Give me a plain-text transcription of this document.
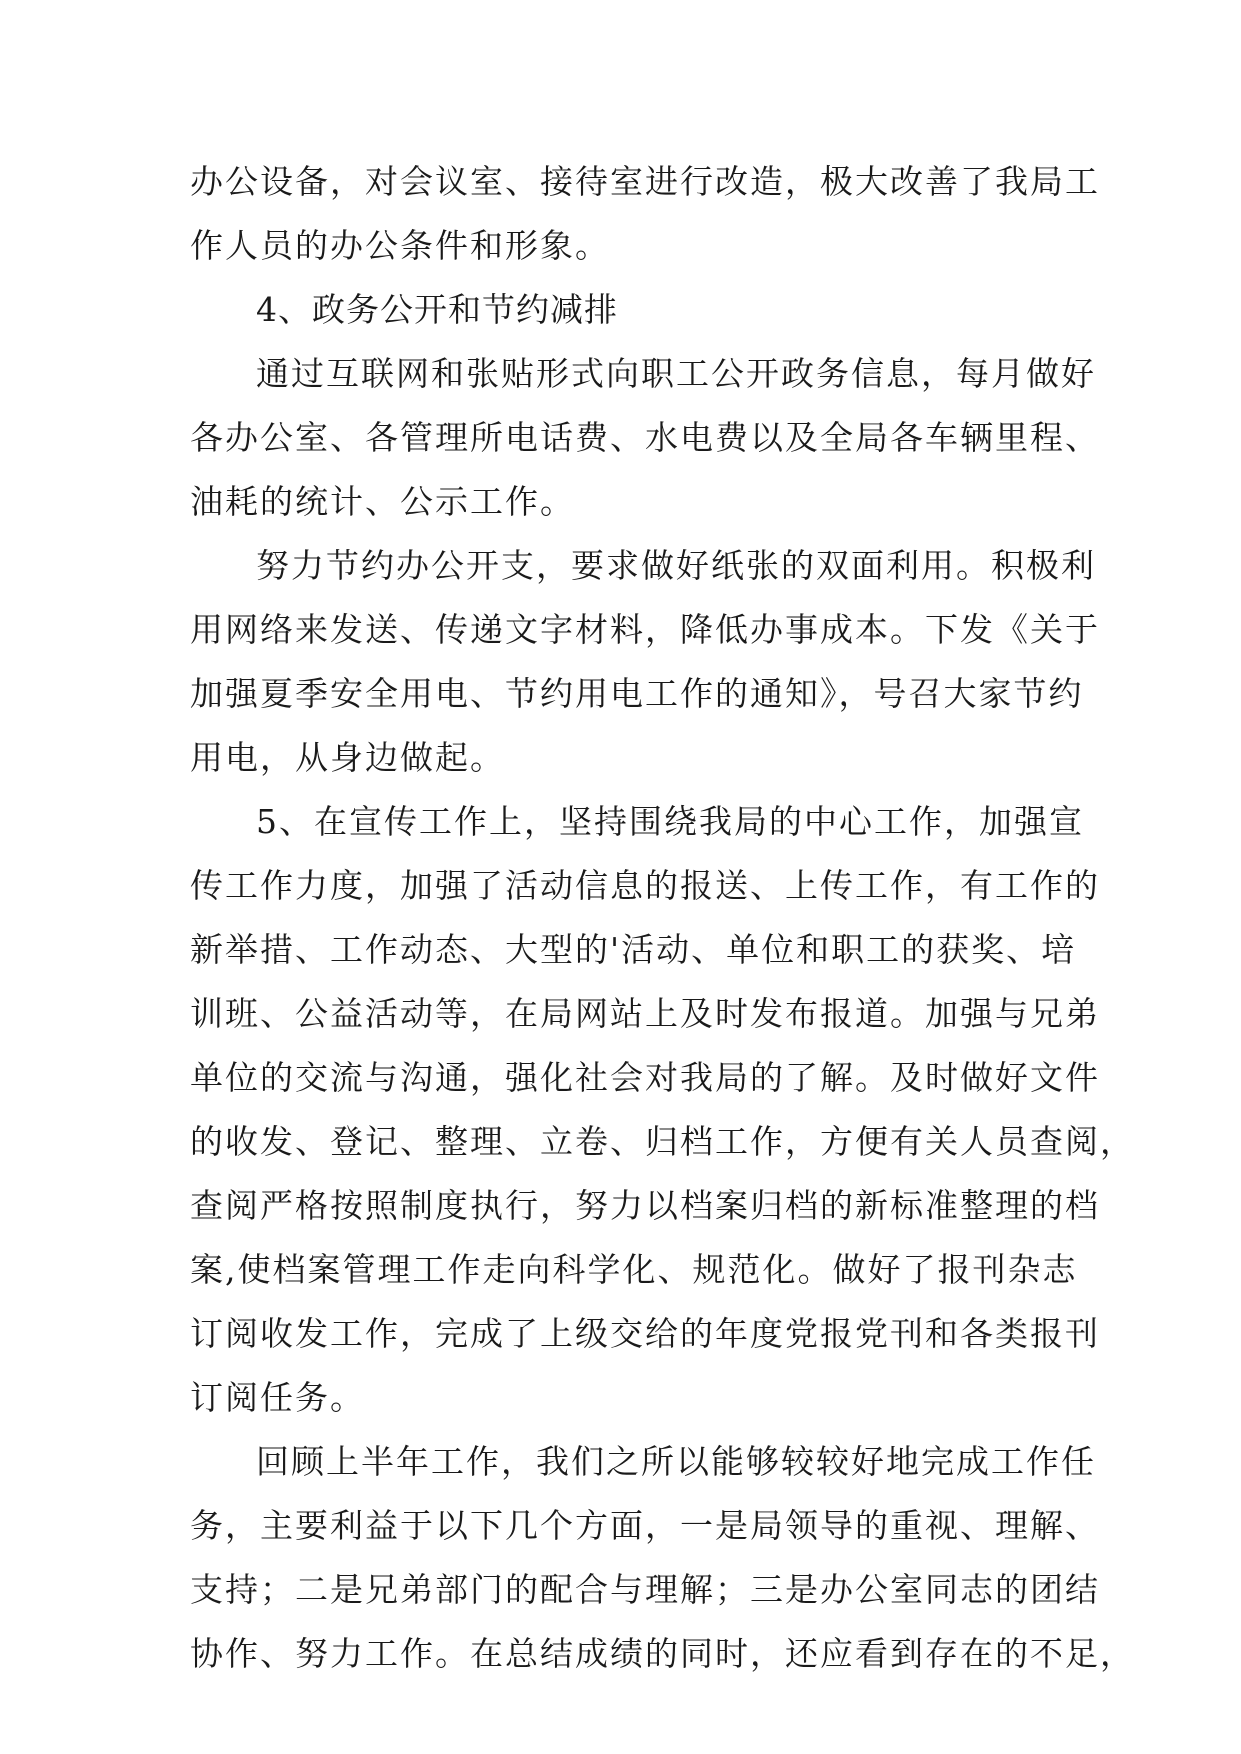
办公设备，对会议室、接待室进行改造，极大改善了我局工
作人员的办公条件和形象。
4、政务公开和节约减排
通过互联网和张贴形式向职工公开政务信息，每月做好
各办公室、各管理所电话费、水电费以及全局各车辆里程、
油耗的统计、公示工作。
努力节约办公开支，要求做好纸张的双面利用。积极利
用网络来发送、传递文字材料，降低办事成本。下发《关于
加强夏季安全用电、节约用电工作的通知》，号召大家节约
用电，从身边做起。
5、在宣传工作上，坚持围绕我局的中心工作，加强宣
传工作力度，加强了活动信息的报送、上传工作，有工作的
新举措、工作动态、大型的'活动、单位和职工的获奖、培
训班、公益活动等，在局网站上及时发布报道。加强与兄弟
单位的交流与沟通，强化社会对我局的了解。及时做好文件
的收发、登记、整理、立卷、归档工作，方便有关人员查阅，
查阅严格按照制度执行，努力以档案归档的新标准整理的档
案,使档案管理工作走向科学化、规范化。做好了报刊杂志
订阅收发工作，完成了上级交给的年度党报党刊和各类报刊
订阅任务。
回顾上半年工作，我们之所以能够较较好地完成工作任
务，主要利益于以下几个方面，一是局领导的重视、理解、
支持；二是兄弟部门的配合与理解；三是办公室同志的团结
协作、努力工作。在总结成绩的同时，还应看到存在的不足，
